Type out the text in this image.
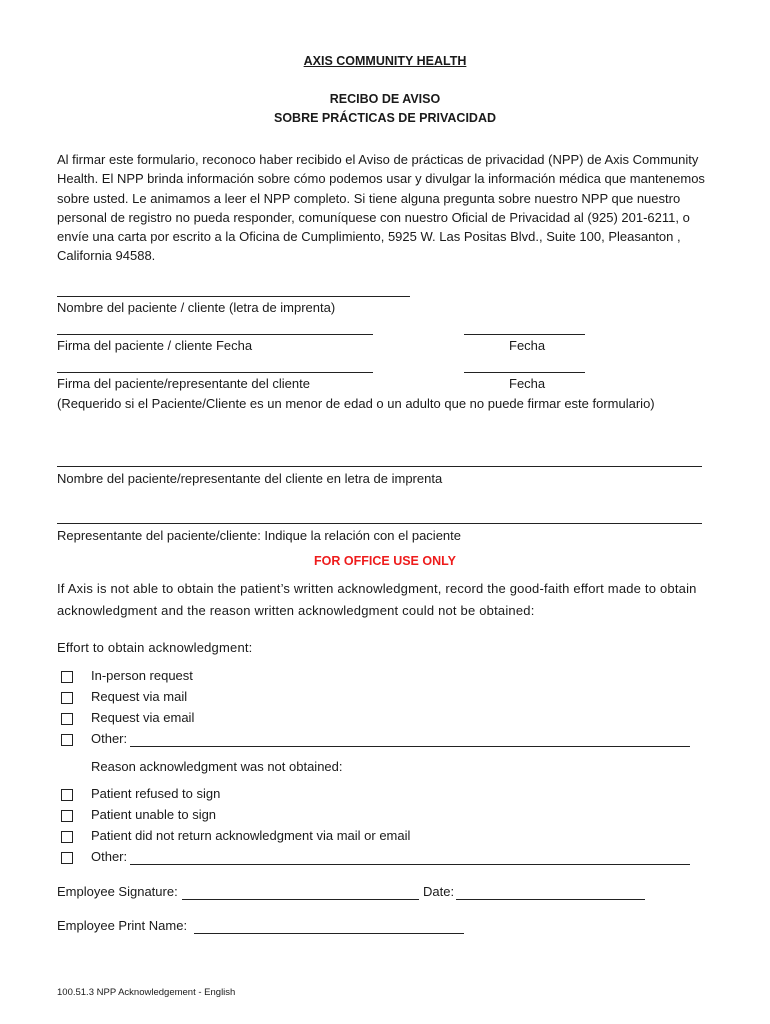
AXIS COMMUNITY HEALTH
RECIBO DE AVISO
SOBRE PRÁCTICAS DE PRIVACIDAD
Al firmar este formulario, reconoco haber recibido el Aviso de prácticas de privacidad (NPP) de Axis Community Health. El NPP brinda información sobre cómo podemos usar y divulgar la información médica que mantenemos sobre usted. Le animamos a leer el NPP completo. Si tiene alguna pregunta sobre nuestro NPP que nuestro personal de registro no pueda responder, comuníquese con nuestro Oficial de Privacidad al (925) 201-6211, o envíe una carta por escrito a la Oficina de Cumplimiento, 5925 W. Las Positas Blvd., Suite 100, Pleasanton , California 94588.
Nombre del paciente / cliente (letra de imprenta)
Firma del paciente / cliente Fecha	Fecha
Firma del paciente/representante del cliente	Fecha
(Requerido si el Paciente/Cliente es un menor de edad o un adulto que no puede firmar este formulario)
Nombre del paciente/representante del cliente en letra de imprenta
Representante del paciente/cliente: Indique la relación con el paciente
FOR OFFICE USE ONLY
If Axis is not able to obtain the patient’s written acknowledgment, record the good-faith effort made to obtain acknowledgment and the reason written acknowledgment could not be obtained:
Effort to obtain acknowledgment:
In-person request
Request via mail
Request via email
Other:
Reason acknowledgment was not obtained:
Patient refused to sign
Patient unable to sign
Patient did not return acknowledgment via mail or email
Other:
Employee Signature:	Date:
Employee Print Name:
100.51.3 NPP Acknowledgement - English
